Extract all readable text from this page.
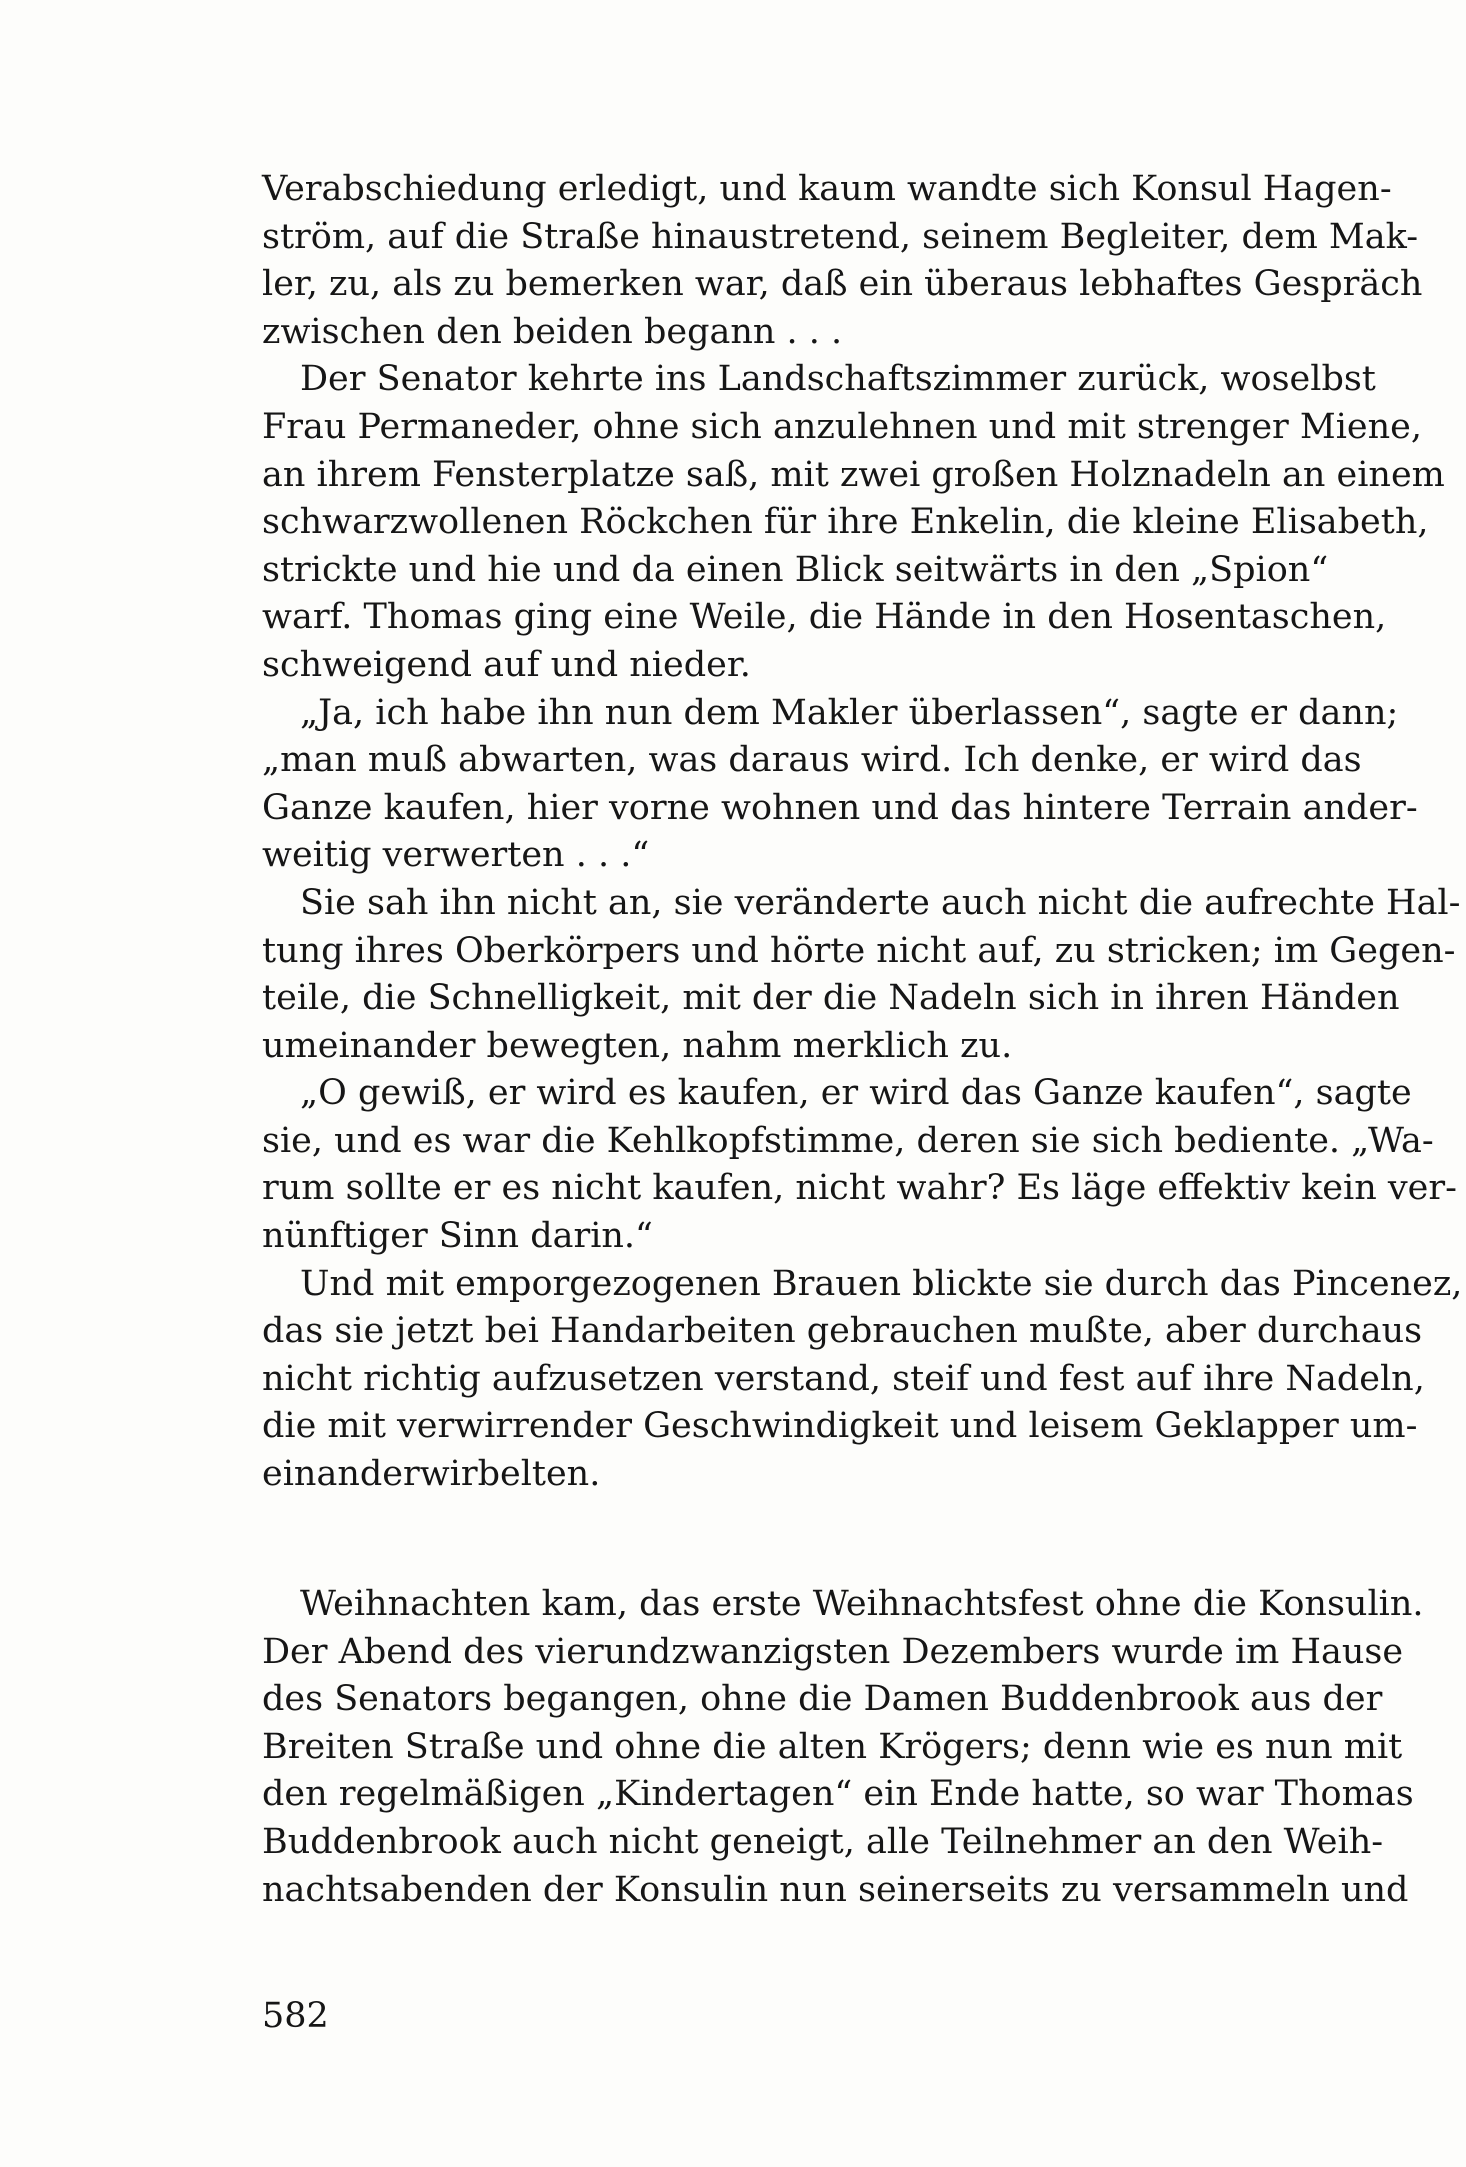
Verabschiedung erledigt, und kaum wandte sich Konsul Hagen-
ström, auf die Straße hinaustretend, seinem Begleiter, dem Mak-
ler, zu, als zu bemerken war, daß ein überaus lebhaftes Gespräch
zwischen den beiden begann . . .
Der Senator kehrte ins Landschaftszimmer zurück, woselbst
Frau Permaneder, ohne sich anzulehnen und mit strenger Miene,
an ihrem Fensterplatze saß, mit zwei großen Holznadeln an einem
schwarzwollenen Röckchen für ihre Enkelin, die kleine Elisabeth,
strickte und hie und da einen Blick seitwärts in den „Spion“
warf. Thomas ging eine Weile, die Hände in den Hosentaschen,
schweigend auf und nieder.
„Ja, ich habe ihn nun dem Makler überlassen“, sagte er dann;
„man muß abwarten, was daraus wird. Ich denke, er wird das
Ganze kaufen, hier vorne wohnen und das hintere Terrain ander-
weitig verwerten . . .“
Sie sah ihn nicht an, sie veränderte auch nicht die aufrechte Hal-
tung ihres Oberkörpers und hörte nicht auf, zu stricken; im Gegen-
teile, die Schnelligkeit, mit der die Nadeln sich in ihren Händen
umeinander bewegten, nahm merklich zu.
„O gewiß, er wird es kaufen, er wird das Ganze kaufen“, sagte
sie, und es war die Kehlkopfstimme, deren sie sich bediente. „Wa-
rum sollte er es nicht kaufen, nicht wahr? Es läge effektiv kein ver-
nünftiger Sinn darin.“
Und mit emporgezogenen Brauen blickte sie durch das Pincenez,
das sie jetzt bei Handarbeiten gebrauchen mußte, aber durchaus
nicht richtig aufzusetzen verstand, steif und fest auf ihre Nadeln,
die mit verwirrender Geschwindigkeit und leisem Geklapper um-
einanderwirbelten.
Weihnachten kam, das erste Weihnachtsfest ohne die Konsulin.
Der Abend des vierundzwanzigsten Dezembers wurde im Hause
des Senators begangen, ohne die Damen Buddenbrook aus der
Breiten Straße und ohne die alten Krögers; denn wie es nun mit
den regelmäßigen „Kindertagen“ ein Ende hatte, so war Thomas
Buddenbrook auch nicht geneigt, alle Teilnehmer an den Weih-
nachtsabenden der Konsulin nun seinerseits zu versammeln und
582
